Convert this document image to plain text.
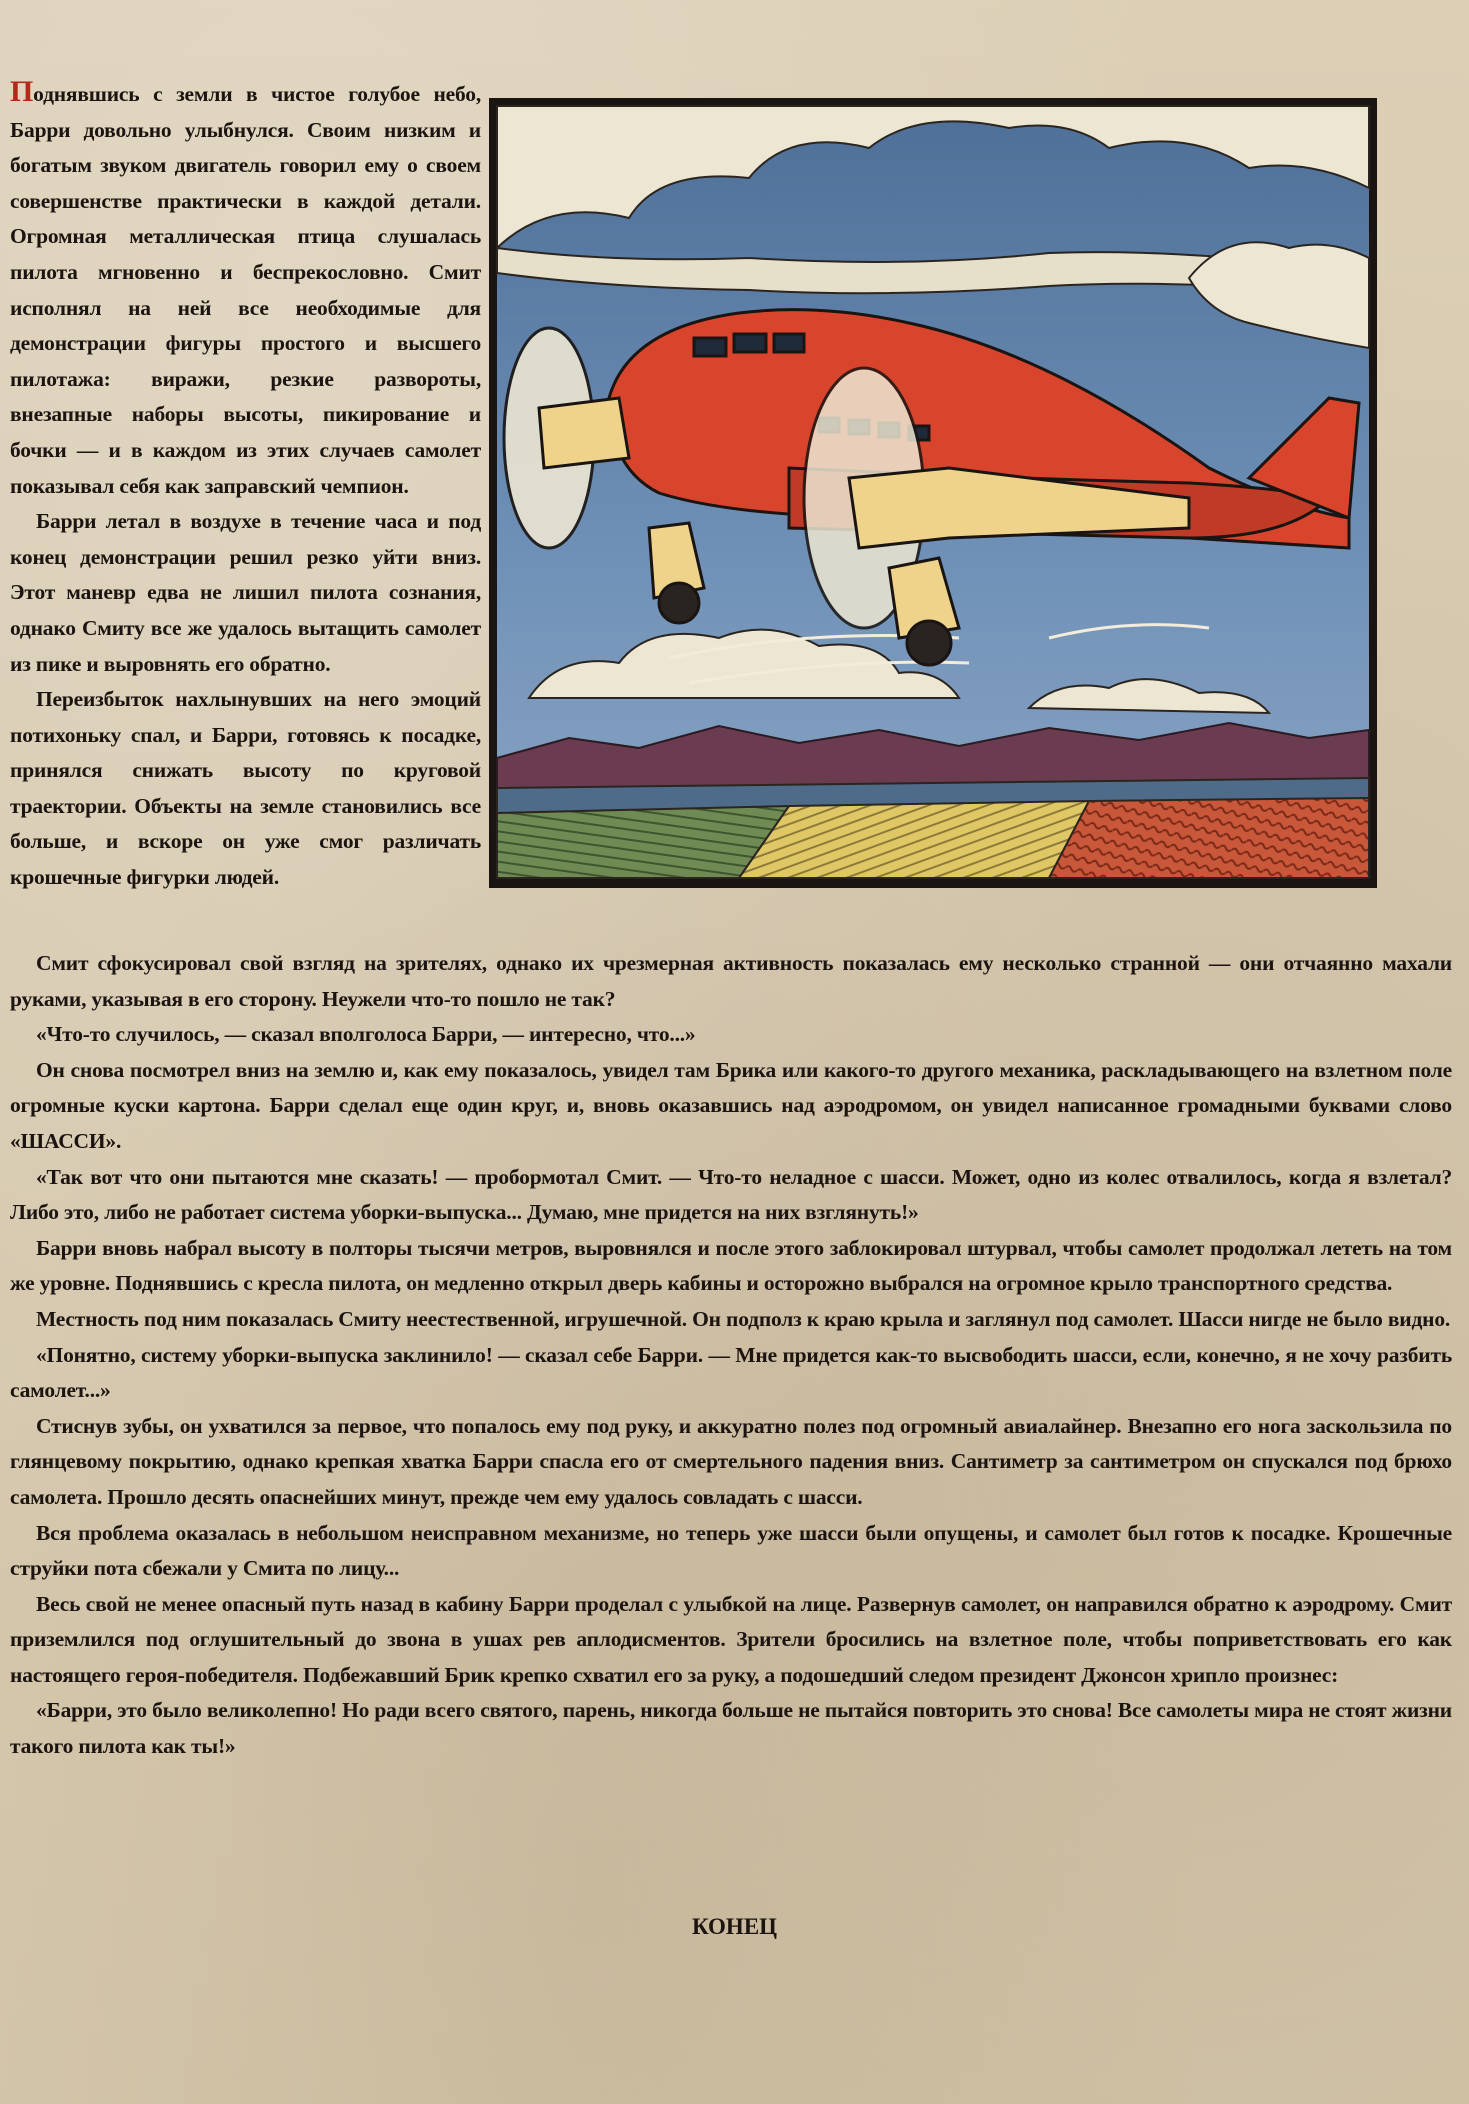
Поднявшись с земли в чистое голубое небо, Барри довольно улыбнулся. Своим низким и богатым звуком двигатель говорил ему о своем совершенстве практически в каждой детали. Огромная металлическая птица слушалась пилота мгновенно и беспрекословно. Смит исполнял на ней все необходимые для демонстрации фигуры простого и высшего пилотажа: виражи, резкие развороты, внезапные наборы высоты, пикирование и бочки — и в каждом из этих случаев самолет показывал себя как заправский чемпион.

Барри летал в воздухе в течение часа и под конец демонстрации решил резко уйти вниз. Этот маневр едва не лишил пилота сознания, однако Смиту все же удалось вытащить самолет из пике и выровнять его обратно.

Переизбыток нахлынувших на него эмоций потихоньку спал, и Барри, готовясь к посадке, принялся снижать высоту по круговой траектории. Объекты на земле становились все больше, и вскоре он уже смог различать крошечные фигурки людей.

Смит сфокусировал свой взгляд на зрителях, однако их чрезмерная активность показалась ему несколько странной — они отчаянно махали руками, указывая в его сторону. Неужели что-то пошло не так?

«Что-то случилось, — сказал вполголоса Барри, — интересно, что...»

Он снова посмотрел вниз на землю и, как ему показалось, увидел там Брика или какого-то другого механика, раскладывающего на взлетном поле огромные куски картона. Барри сделал еще один круг, и, вновь оказавшись над аэродромом, он увидел написанное громадными буквами слово «ШАССИ».

«Так вот что они пытаются мне сказать! — пробормотал Смит. — Что-то неладное с шасси. Может, одно из колес отвалилось, когда я взлетал? Либо это, либо не работает система уборки-выпуска... Думаю, мне придется на них взглянуть!»

Барри вновь набрал высоту в полторы тысячи метров, выровнялся и после этого заблокировал штурвал, чтобы самолет продолжал лететь на том же уровне. Поднявшись с кресла пилота, он медленно открыл дверь кабины и осторожно выбрался на огромное крыло транспортного средства.

Местность под ним показалась Смиту неестественной, игрушечной. Он подполз к краю крыла и заглянул под самолет. Шасси нигде не было видно.

«Понятно, систему уборки-выпуска заклинило! — сказал себе Барри. — Мне придется как-то высвободить шасси, если, конечно, я не хочу разбить самолет...»

Стиснув зубы, он ухватился за первое, что попалось ему под руку, и аккуратно полез под огромный авиалайнер. Внезапно его нога заскользила по глянцевому покрытию, однако крепкая хватка Барри спасла его от смертельного падения вниз. Сантиметр за сантиметром он спускался под брюхо самолета. Прошло десять опаснейших минут, прежде чем ему удалось совладать с шасси.

Вся проблема оказалась в небольшом неисправном механизме, но теперь уже шасси были опущены, и самолет был готов к посадке. Крошечные струйки пота сбежали у Смита по лицу...

Весь свой не менее опасный путь назад в кабину Барри проделал с улыбкой на лице. Развернув самолет, он направился обратно к аэродрому. Смит приземлился под оглушительный до звона в ушах рев аплодисментов. Зрители бросились на взлетное поле, чтобы поприветствовать его как настоящего героя-победителя. Подбежавший Брик крепко схватил его за руку, а подошедший следом президент Джонсон хрипло произнес:

«Барри, это было великолепно! Но ради всего святого, парень, никогда больше не пытайся повторить это снова! Все самолеты мира не стоят жизни такого пилота как ты!»

КОНЕЦ
